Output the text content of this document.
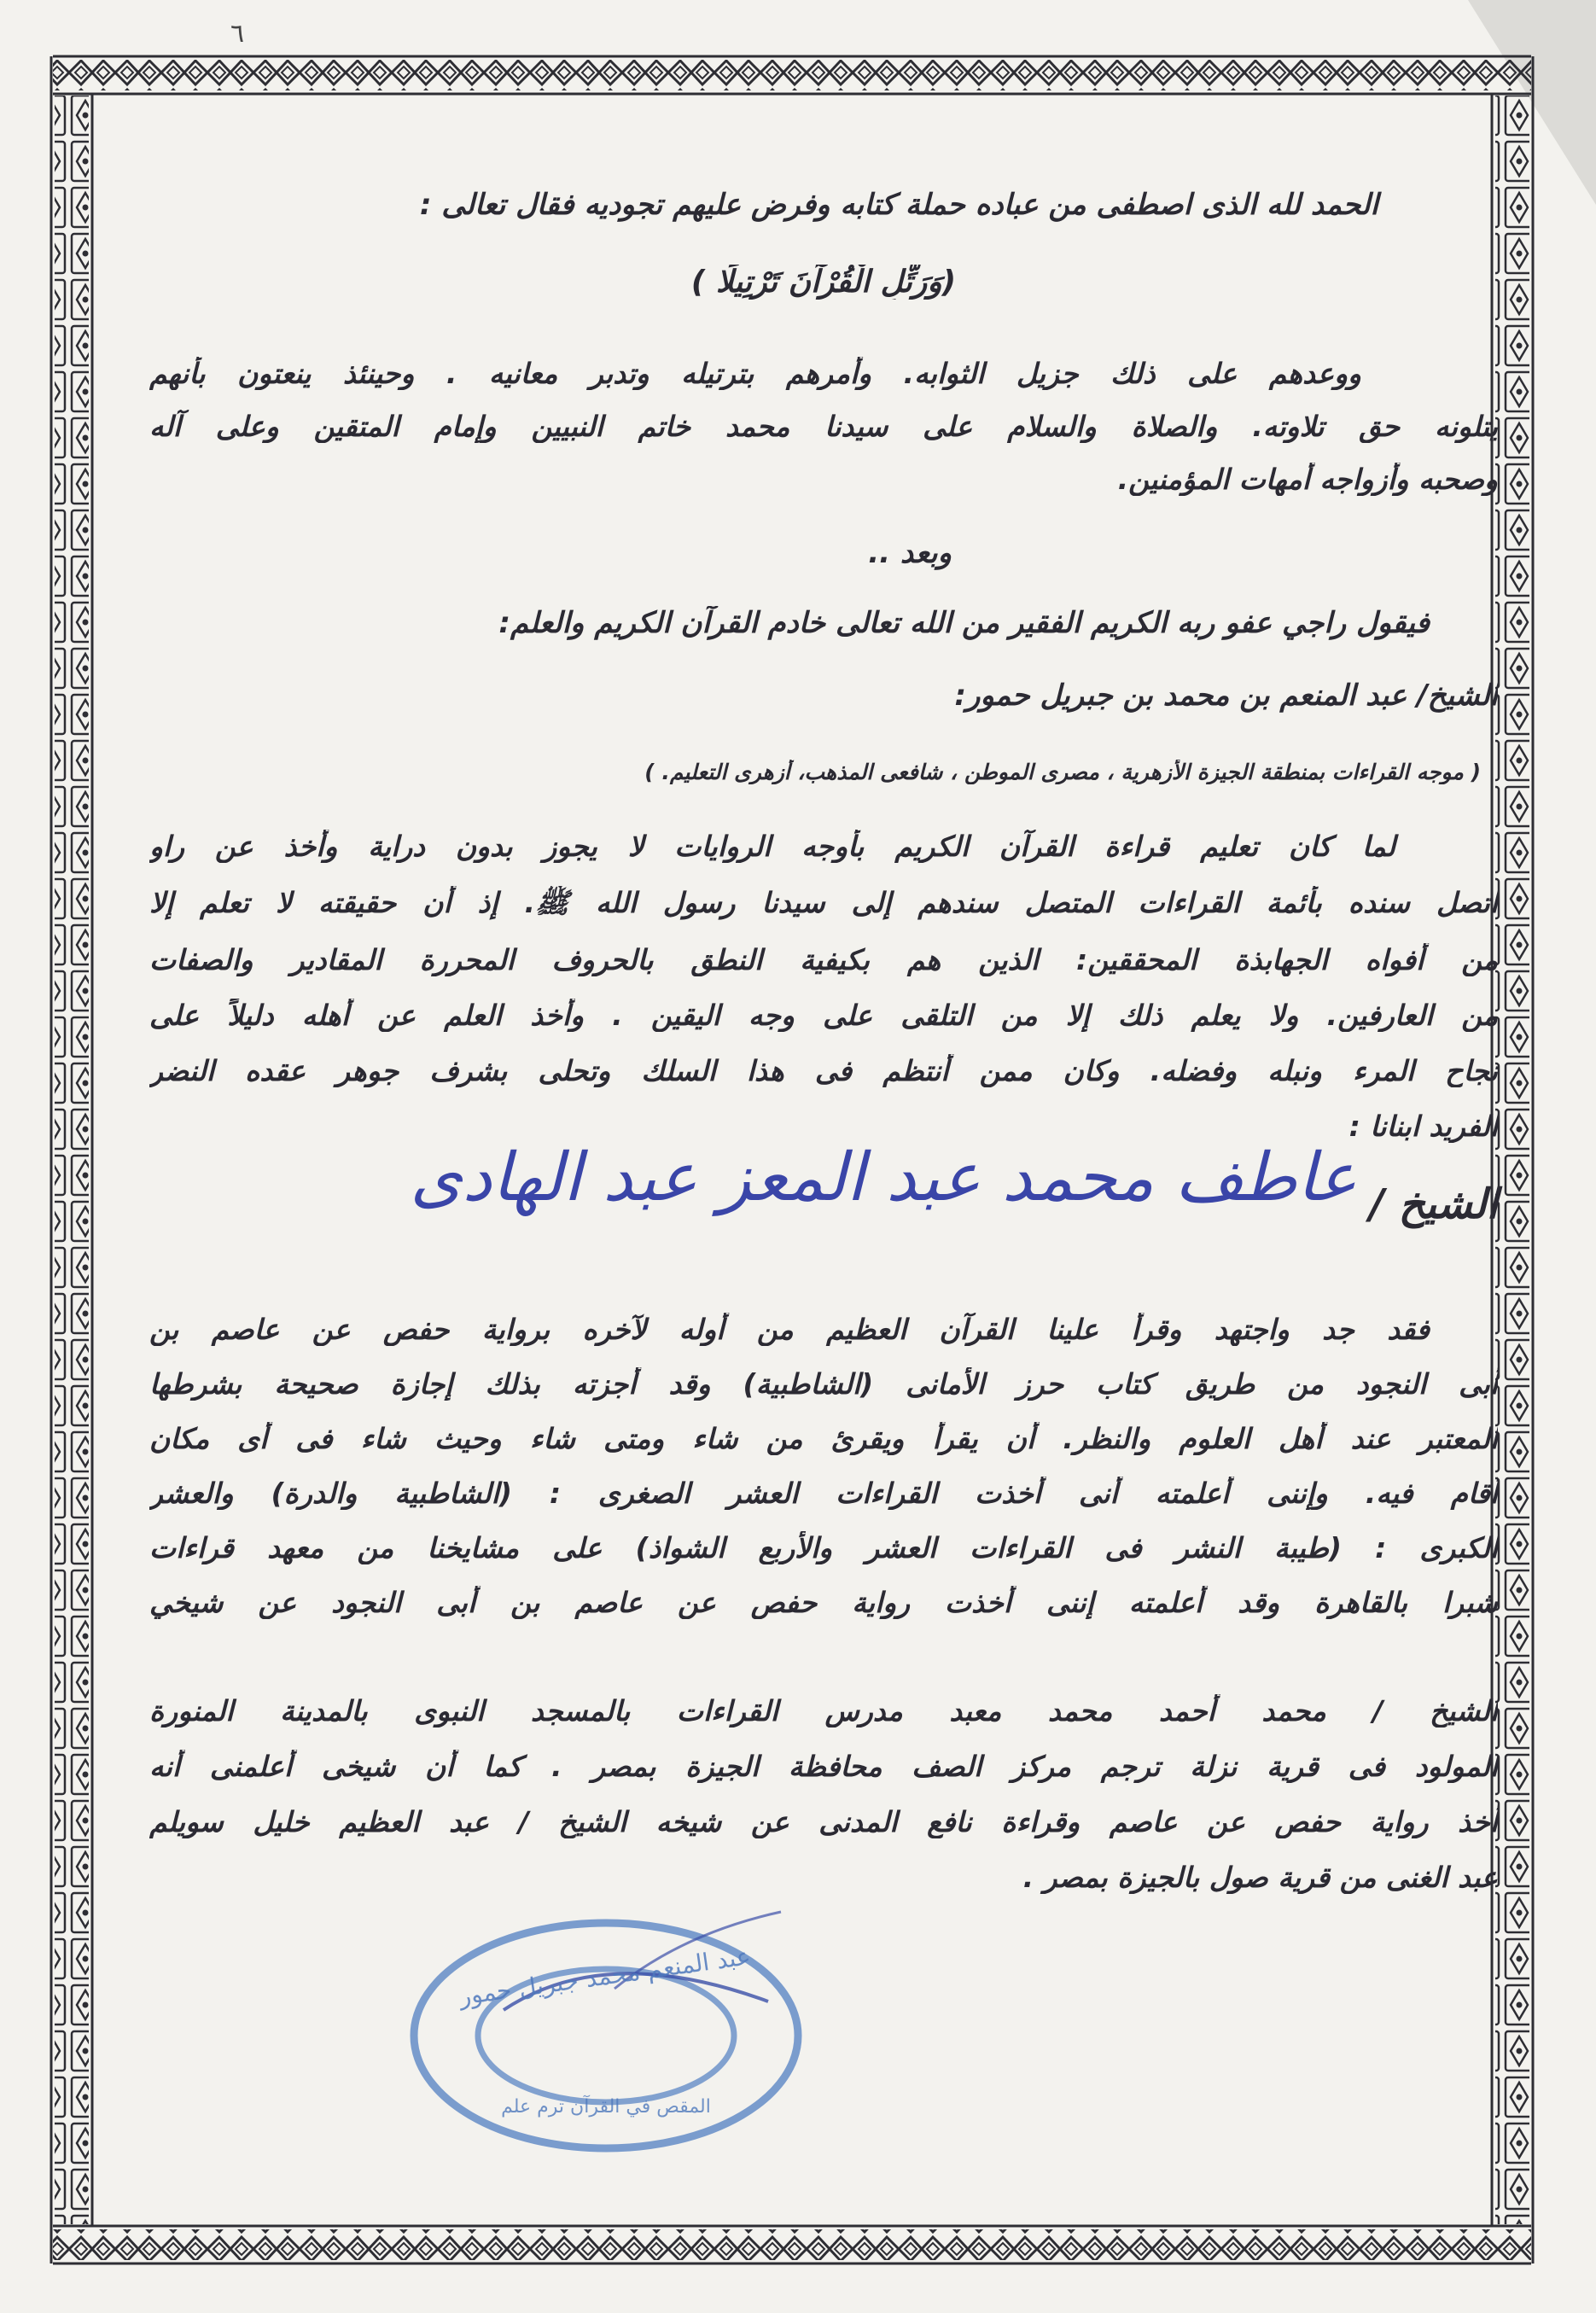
٦
الحمد لله الذى اصطفى من عباده حملة كتابه وفرض عليهم تجوديه فقال تعالى :
(وَرَتِّلِ الْقُرْآنَ تَرْتِيلًا )
ووعدهم على ذلك جزيل الثوابه. وأمرهم بترتيله وتدبر معانيه . وحينئذ ينعتون بأنهم
يتلونه حق تلاوته. والصلاة والسلام على سيدنا محمد خاتم النبيين وإمام المتقين وعلى آله
وصحبه وأزواجه أمهات المؤمنين.
وبعد ..
فيقول راجي عفو ربه الكريم الفقير من الله تعالى خادم القرآن الكريم والعلم:
الشيخ/ عبد المنعم بن محمد بن جبريل حمور:
( موجه القراءات بمنطقة الجيزة الأزهرية ، مصرى الموطن ، شافعى المذهب، أزهرى التعليم. )
لما كان تعليم قراءة القرآن الكريم بأوجه الروايات لا يجوز بدون دراية وأخذ عن راو
اتصل سنده بأئمة القراءات المتصل سندهم إلى سيدنا رسول الله ﷺ. إذ أن حقيقته لا تعلم إلا
من أفواه الجهابذة المحققين: الذين هم بكيفية النطق بالحروف المحررة المقادير والصفات
من العارفين. ولا يعلم ذلك إلا من التلقى على وجه اليقين . وأخذ العلم عن أهله دليلاً على
نجاح المرء ونبله وفضله. وكان ممن أنتظم فى هذا السلك وتحلى بشرف جوهر عقده النضر
الفريد ابنانا :
الشيخ /
عاطف محمد عبد المعز عبد الهادى
فقد جد واجتهد وقرأ علينا القرآن العظيم من أوله لآخره برواية حفص عن عاصم بن
أبى النجود من طريق كتاب حرز الأمانى (الشاطبية) وقد أجزته بذلك إجازة صحيحة بشرطها
المعتبر عند أهل العلوم والنظر. أن يقرأ ويقرئ من شاء ومتى شاء وحيث شاء فى أى مكان
أقام فيه. وإننى أعلمته أنى أخذت القراءات العشر الصغرى : (الشاطبية والدرة) والعشر
الكبرى : (طيبة النشر فى القراءات العشر والأربع الشواذ) على مشايخنا من معهد قراءات
شبرا بالقاهرة وقد أعلمته إننى أخذت رواية حفص عن عاصم بن أبى النجود عن شيخي
الشيخ / محمد أحمد محمد معبد مدرس القراءات بالمسجد النبوى بالمدينة المنورة
المولود فى قرية نزلة ترجم مركز الصف محافظة الجيزة بمصر . كما أن شيخى أعلمنى أنه
أخذ رواية حفص عن عاصم وقراءة نافع المدنى عن شيخه الشيخ / عبد العظيم خليل سويلم
عبد الغنى من قرية صول بالجيزة بمصر .
عبد المنعم محمد جبريل حمور
المقص في القرآن ترم علم
